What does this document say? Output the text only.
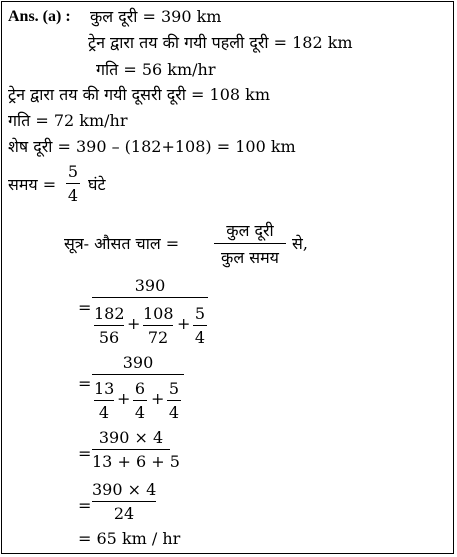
Ans. (a) : कुल दूरी = 390 km
ट्रेन द्वारा तय की गयी पहली दूरी = 182 km
गति = 56 km/hr
ट्रेन द्वारा तय की गयी दूसरी दूरी = 108 km
गति = 72 km/hr
शेष दूरी = 390 – (182+108) = 100 km
समय =
5
4
घंटे
सूत्र- औसत चाल =
कुल दूरी
कुल समय
से,
=
390
182
56
+
108
72
+
5
4
=
390
13
4
+
6
4
+
5
4
=
390 × 4
13 + 6 + 5
=
390 × 4
24
= 65 km / hr
